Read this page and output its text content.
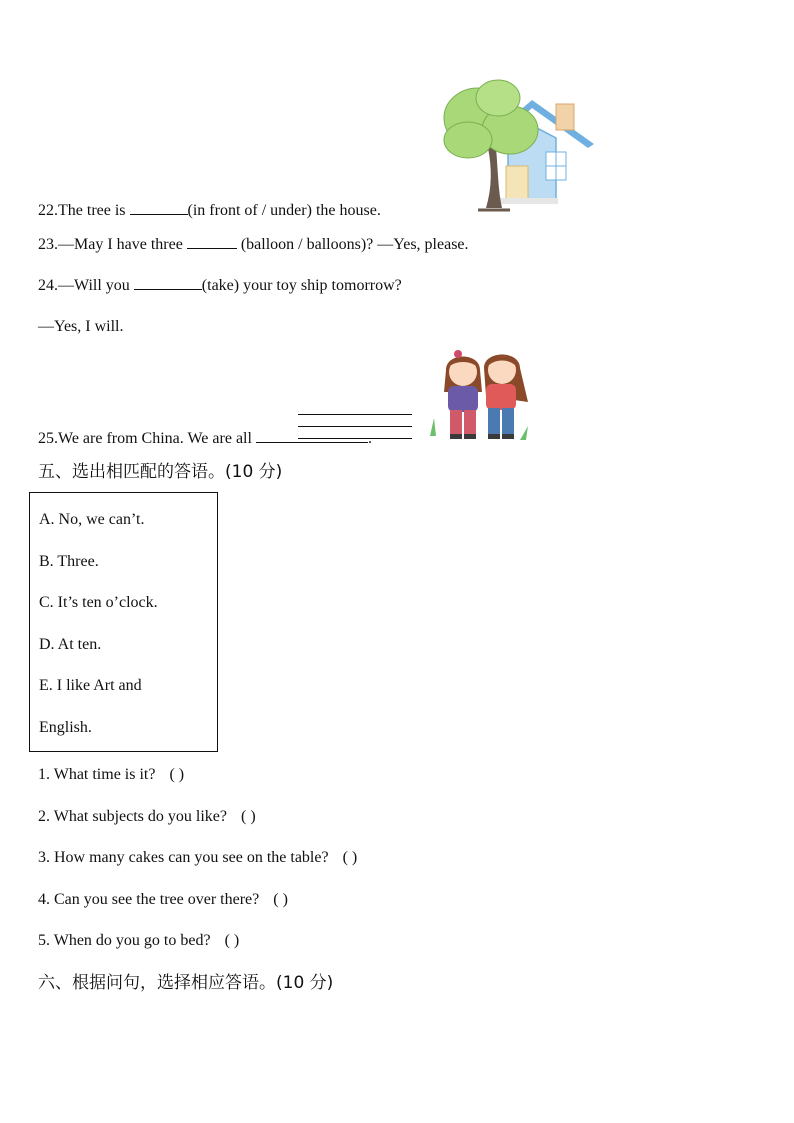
22.The tree is	(in front of / under) the house.
23.—May I have three	(balloon / balloons)? —Yes, please.
24.—Will you	(take) your toy ship tomorrow?
—Yes, I will.
25.We are from China. We are all	.
五、选出相匹配的答语。(10 分)
A. No, we can’t.
B. Three.
C. It’s ten o’clock.
D. At ten.
E. I like Art and
English.
1. What time is it? ( )
2. What subjects do you like? ( )
3. How many cakes can you see on the table? ( )
4. Can you see the tree over there? ( )
5. When do you go to bed? ( )
六、根据问句，选择相应答语。(10 分)
